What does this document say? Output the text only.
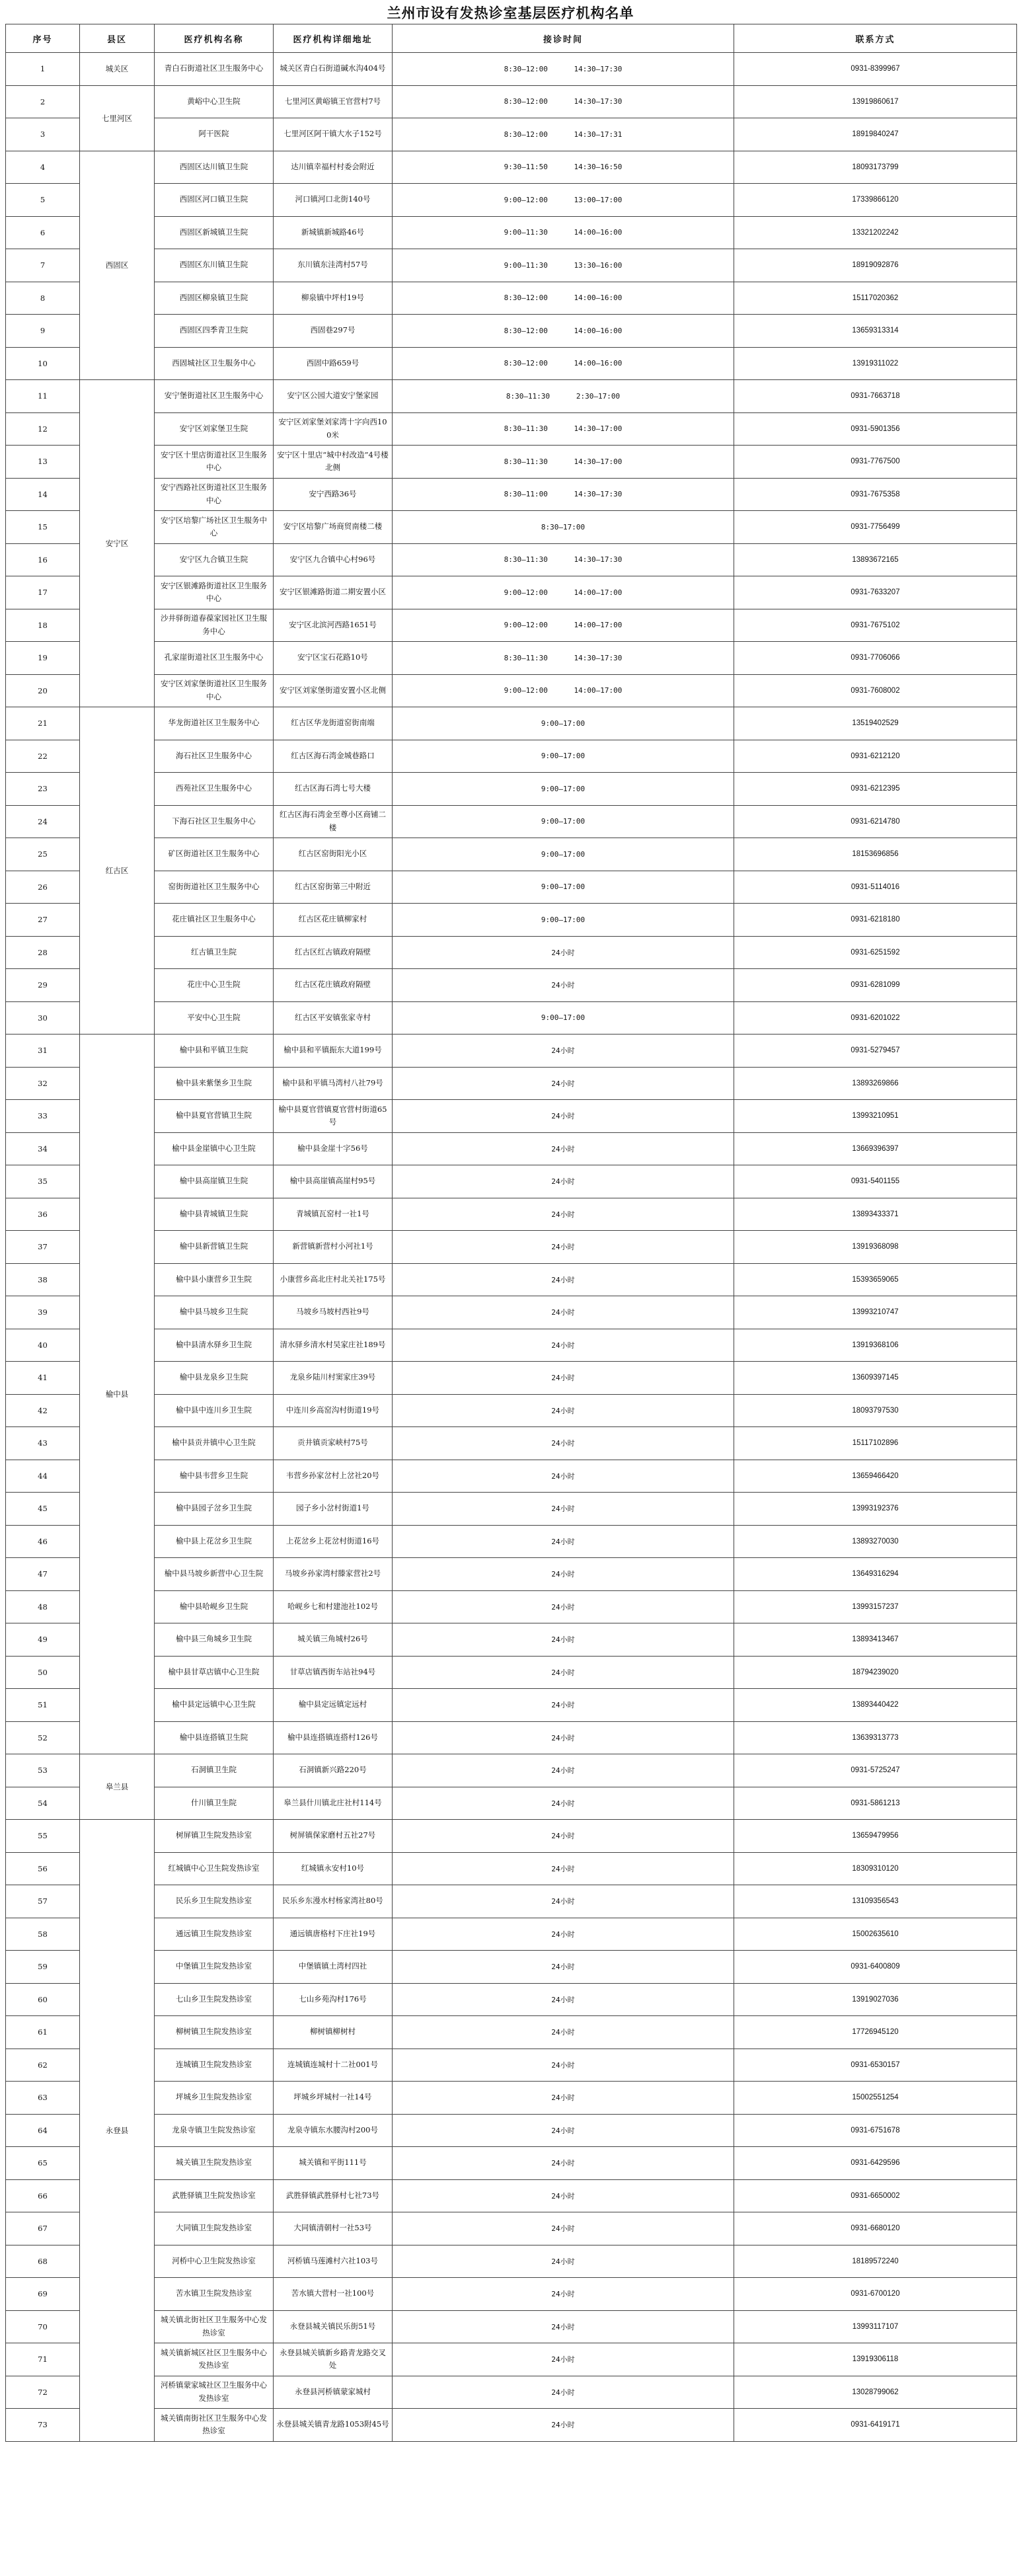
兰州市设有发热诊室基层医疗机构名单
序号	县区	医疗机构名称	医疗机构详细地址	接诊时间	联系方式
1	城关区	青白石街道社区卫生服务中心	城关区青白石街道碱水沟404号	8:30—12:00      14:30—17:30	0931-8399967
2	七里河区	黄峪中心卫生院	七里河区黄峪镇王官营村7号	8:30—12:00      14:30—17:30	13919860617
3		阿干医院	七里河区阿干镇大水子152号	8:30—12:00      14:30—17:31	18919840247
4	西固区	西固区达川镇卫生院	达川镇幸福村村委会附近	9:30—11:50      14:30—16:50	18093173799
5		西固区河口镇卫生院	河口镇河口北街140号	9:00—12:00      13:00—17:00	17339866120
6		西固区新城镇卫生院	新城镇新城路46号	9:00—11:30      14:00—16:00	13321202242
7		西固区东川镇卫生院	东川镇东洼湾村57号	9:00—11:30      13:30—16:00	18919092876
8		西固区柳泉镇卫生院	柳泉镇中坪村19号	8:30—12:00      14:00—16:00	15117020362
9		西固区四季青卫生院	西固巷297号	8:30—12:00      14:00—16:00	13659313314
10		西固城社区卫生服务中心	西固中路659号	8:30—12:00      14:00—16:00	13919311022
11	安宁区	安宁堡街道社区卫生服务中心	安宁区公园大道安宁堡家园	8:30—11:30      2:30—17:00	0931-7663718
12		安宁区刘家堡卫生院	安宁区刘家堡刘家湾十字向西100米	8:30—11:30      14:30—17:00	0931-5901356
13		安宁区十里店街道社区卫生服务中心	安宁区十里店“城中村改造”4号楼北侧	8:30—11:30      14:30—17:00	0931-7767500
14		安宁西路社区街道社区卫生服务中心	安宁西路36号	8:30—11:00      14:30—17:30	0931-7675358
15		安宁区培黎广场社区卫生服务中心	安宁区培黎广场商贸南楼二楼	8:30—17:00	0931-7756499
16		安宁区九合镇卫生院	安宁区九合镇中心村96号	8:30—11:30      14:30—17:30	13893672165
17		安宁区银滩路街道社区卫生服务中心	安宁区银滩路街道二期安置小区	9:00—12:00      14:00—17:00	0931-7633207
18		沙井驿街道春葆家园社区卫生服务中心	安宁区北滨河西路1651号	9:00—12:00      14:00—17:00	0931-7675102
19		孔家崖街道社区卫生服务中心	安宁区宝石花路10号	8:30—11:30      14:30—17:30	0931-7706066
20		安宁区刘家堡街道社区卫生服务中心	安宁区刘家堡街道安置小区北侧	9:00—12:00      14:00—17:00	0931-7608002
21	红古区	华龙街道社区卫生服务中心	红古区华龙街道窑街南端	9:00—17:00	13519402529
22		海石社区卫生服务中心	红古区海石湾金城巷路口	9:00—17:00	0931-6212120
23		西苑社区卫生服务中心	红古区海石湾七号大楼	9:00—17:00	0931-6212395
24		下海石社区卫生服务中心	红古区海石湾金至尊小区商铺二楼	9:00—17:00	0931-6214780
25		矿区街道社区卫生服务中心	红古区窑街阳光小区	9:00—17:00	18153696856
26		窑街街道社区卫生服务中心	红古区窑街第三中附近	9:00—17:00	0931-5114016
27		花庄镇社区卫生服务中心	红古区花庄镇柳家村	9:00—17:00	0931-6218180
28		红古镇卫生院	红古区红古镇政府隔壁	24小时	0931-6251592
29		花庄中心卫生院	红古区花庄镇政府隔壁	24小时	0931-6281099
30		平安中心卫生院	红古区平安镇张家寺村	9:00—17:00	0931-6201022
31	榆中县	榆中县和平镇卫生院	榆中县和平镇振东大道199号	24小时	0931-5279457
32		榆中县来紫堡乡卫生院	榆中县和平镇马湾村八社79号	24小时	13893269866
33		榆中县夏官营镇卫生院	榆中县夏官营镇夏官营村街道65号	24小时	13993210951
34		榆中县金崖镇中心卫生院	榆中县金崖十字56号	24小时	13669396397
35		榆中县高崖镇卫生院	榆中县高崖镇高崖村95号	24小时	0931-5401155
36		榆中县青城镇卫生院	青城镇瓦窑村一社1号	24小时	13893433371
37		榆中县新营镇卫生院	新营镇新营村小河社1号	24小时	13919368098
38		榆中县小康营乡卫生院	小康营乡高北庄村北关社175号	24小时	15393659065
39		榆中县马坡乡卫生院	马坡乡马坡村西社9号	24小时	13993210747
40		榆中县清水驿乡卫生院	清水驿乡清水村吴家庄社189号	24小时	13919368106
41		榆中县龙泉乡卫生院	龙泉乡陆川村窦家庄39号	24小时	13609397145
42		榆中县中连川乡卫生院	中连川乡高窑沟村街道19号	24小时	18093797530
43		榆中县贡井镇中心卫生院	贡井镇贡家峡村75号	24小时	15117102896
44		榆中县韦营乡卫生院	韦营乡孙家岔村上岔社20号	24小时	13659466420
45		榆中县园子岔乡卫生院	园子乡小岔村街道1号	24小时	13993192376
46		榆中县上花岔乡卫生院	上花岔乡上花岔村街道16号	24小时	13893270030
47		榆中县马坡乡新营中心卫生院	马坡乡孙家湾村滕家营社2号	24小时	13649316294
48		榆中县哈岘乡卫生院	哈岘乡七和村建池社102号	24小时	13993157237
49		榆中县三角城乡卫生院	城关镇三角城村26号	24小时	13893413467
50		榆中县甘草店镇中心卫生院	甘草店镇西街车站社94号	24小时	18794239020
51		榆中县定远镇中心卫生院	榆中县定远镇定远村	24小时	13893440422
52		榆中县连搭镇卫生院	榆中县连搭镇连搭村126号	24小时	13639313773
53	皋兰县	石洞镇卫生院	石洞镇新兴路220号	24小时	0931-5725247
54		什川镇卫生院	皋兰县什川镇北庄社村114号	24小时	0931-5861213
55	永登县	树屏镇卫生院发热诊室	树屏镇保家磨村五社27号	24小时	13659479956
56		红城镇中心卫生院发热诊室	红城镇永安村10号	24小时	18309310120
57		民乐乡卫生院发热诊室	民乐乡东漫水村杨家湾社80号	24小时	13109356543
58		通远镇卫生院发热诊室	通远镇唐格村下庄社19号	24小时	15002635610
59		中堡镇卫生院发热诊室	中堡镇镇土湾村四社	24小时	0931-6400809
60		七山乡卫生院发热诊室	七山乡苑沟村176号	24小时	13919027036
61		柳树镇卫生院发热诊室	柳树镇柳树村	24小时	17726945120
62		连城镇卫生院发热诊室	连城镇连城村十二社001号	24小时	0931-6530157
63		坪城乡卫生院发热诊室	坪城乡坪城村一社14号	24小时	15002551254
64		龙泉寺镇卫生院发热诊室	龙泉寺镇东水腰沟村200号	24小时	0931-6751678
65		城关镇卫生院发热诊室	城关镇和平街111号	24小时	0931-6429596
66		武胜驿镇卫生院发热诊室	武胜驿镇武胜驿村七社73号	24小时	0931-6650002
67		大同镇卫生院发热诊室	大同镇清朝村一社53号	24小时	0931-6680120
68		河桥中心卫生院发热诊室	河桥镇马莲滩村六社103号	24小时	18189572240
69		苦水镇卫生院发热诊室	苦水镇大营村一社100号	24小时	0931-6700120
70		城关镇北街社区卫生服务中心发热诊室	永登县城关镇民乐街51号	24小时	13993117107
71		城关镇新城区社区卫生服务中心发热诊室	永登县城关镇新乡路青龙路交叉处	24小时	13919306118
72		河桥镇蒙家城社区卫生服务中心发热诊室	永登县河桥镇蒙家城村	24小时	13028799062
73		城关镇南街社区卫生服务中心发热诊室	永登县城关镇青龙路1053附45号	24小时	0931-6419171
